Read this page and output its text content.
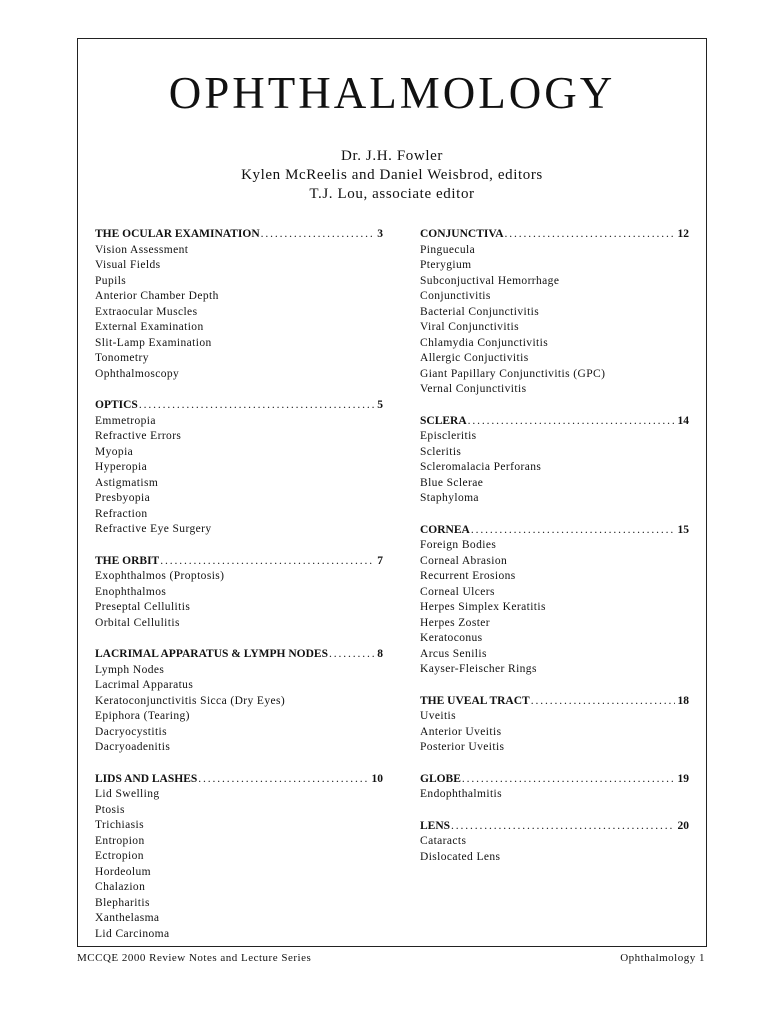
OPHTHALMOLOGY
Dr. J.H. Fowler
Kylen McReelis and Daniel Weisbrod, editors
T.J. Lou, associate editor
THE OCULAR EXAMINATION . . .	3
Vision Assessment
Visual Fields
Pupils
Anterior Chamber Depth
Extraocular Muscles
External Examination
Slit-Lamp Examination
Tonometry
Ophthalmoscopy
OPTICS . . .	5
Emmetropia
Refractive Errors
Myopia
Hyperopia
Astigmatism
Presbyopia
Refraction
Refractive Eye Surgery
THE ORBIT . . .	7
Exophthalmos (Proptosis)
Enophthalmos
Preseptal Cellulitis
Orbital Cellulitis
LACRIMAL APPARATUS & LYMPH NODES . . .	8
Lymph Nodes
Lacrimal Apparatus
Keratoconjunctivitis Sicca (Dry Eyes)
Epiphora (Tearing)
Dacryocystitis
Dacryoadenitis
LIDS AND LASHES . . .	10
Lid Swelling
Ptosis
Trichiasis
Entropion
Ectropion
Hordeolum
Chalazion
Blepharitis
Xanthelasma
Lid Carcinoma
CONJUNCTIVA . . .	12
Pinguecula
Pterygium
Subconjuctival Hemorrhage
Conjunctivitis
Bacterial Conjunctivitis
Viral Conjunctivitis
Chlamydia Conjunctivitis
Allergic Conjuctivitis
Giant Papillary Conjunctivitis (GPC)
Vernal Conjunctivitis
SCLERA . . .	14
Episcleritis
Scleritis
Scleromalacia Perforans
Blue Sclerae
Staphyloma
CORNEA . . .	15
Foreign Bodies
Corneal Abrasion
Recurrent Erosions
Corneal Ulcers
Herpes Simplex Keratitis
Herpes Zoster
Keratoconus
Arcus Senilis
Kayser-Fleischer Rings
THE UVEAL TRACT . . .	18
Uveitis
Anterior Uveitis
Posterior Uveitis
GLOBE . . .	19
Endophthalmitis
LENS . . .	20
Cataracts
Dislocated Lens
MCCQE 2000 Review Notes and Lecture Series	Ophthalmology 1
